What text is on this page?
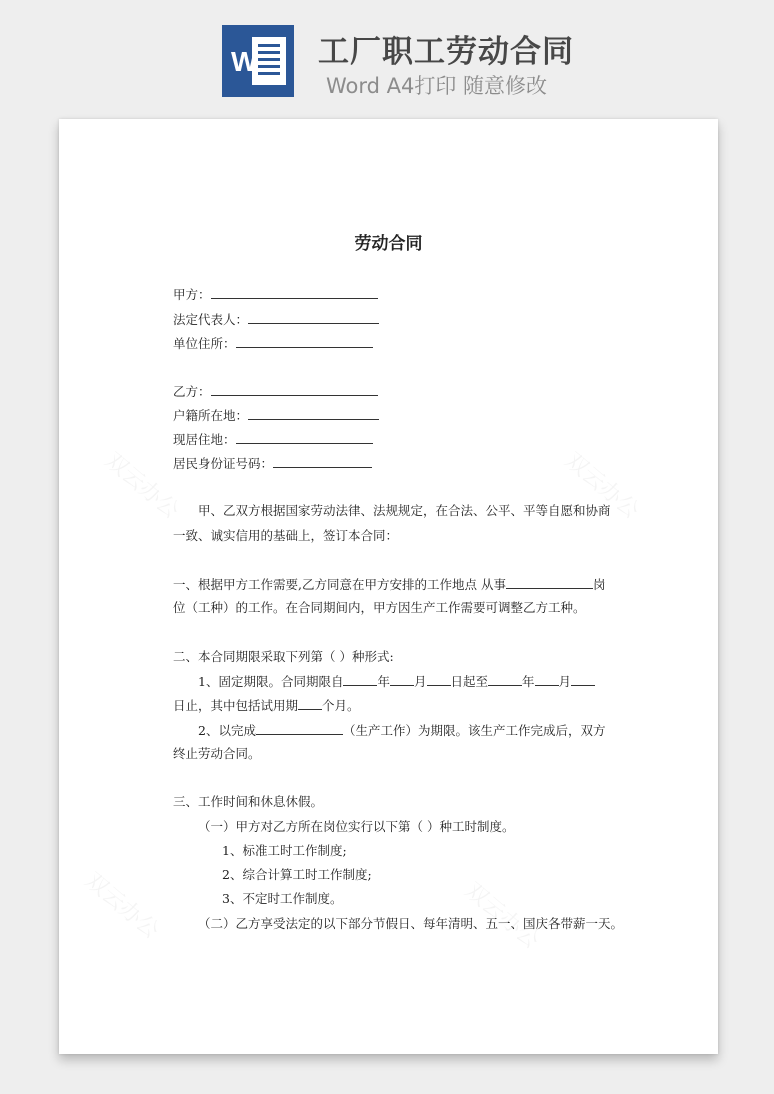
W 工厂职工劳动合同
Word A4打印 随意修改
劳动合同
甲方：
法定代表人：
单位住所：
乙方：
户籍所在地：
现居住地：
居民身份证号码：
甲、乙双方根据国家劳动法律、法规规定，在合法、公平、平等自愿和协商
一致、诚实信用的基础上，签订本合同：
一、根据甲方工作需要,乙方同意在甲方安排的工作地点 从事	岗
位（工种）的工作。在合同期间内，甲方因生产工作需要可调整乙方工种。
二、本合同期限采取下列第（ ）种形式:
1、固定期限。合同期限自	年 月 日起至	年 月
日止，其中包括试用期 个月。
2、以完成	（生产工作）为期限。该生产工作完成后，双方
终止劳动合同。
三、工作时间和休息休假。
（一）甲方对乙方所在岗位实行以下第（ ）种工时制度。
1、标准工时工作制度;
2、综合计算工时工作制度;
3、不定时工作制度。
（二）乙方享受法定的以下部分节假日、每年清明、五一、国庆各带薪一天。
